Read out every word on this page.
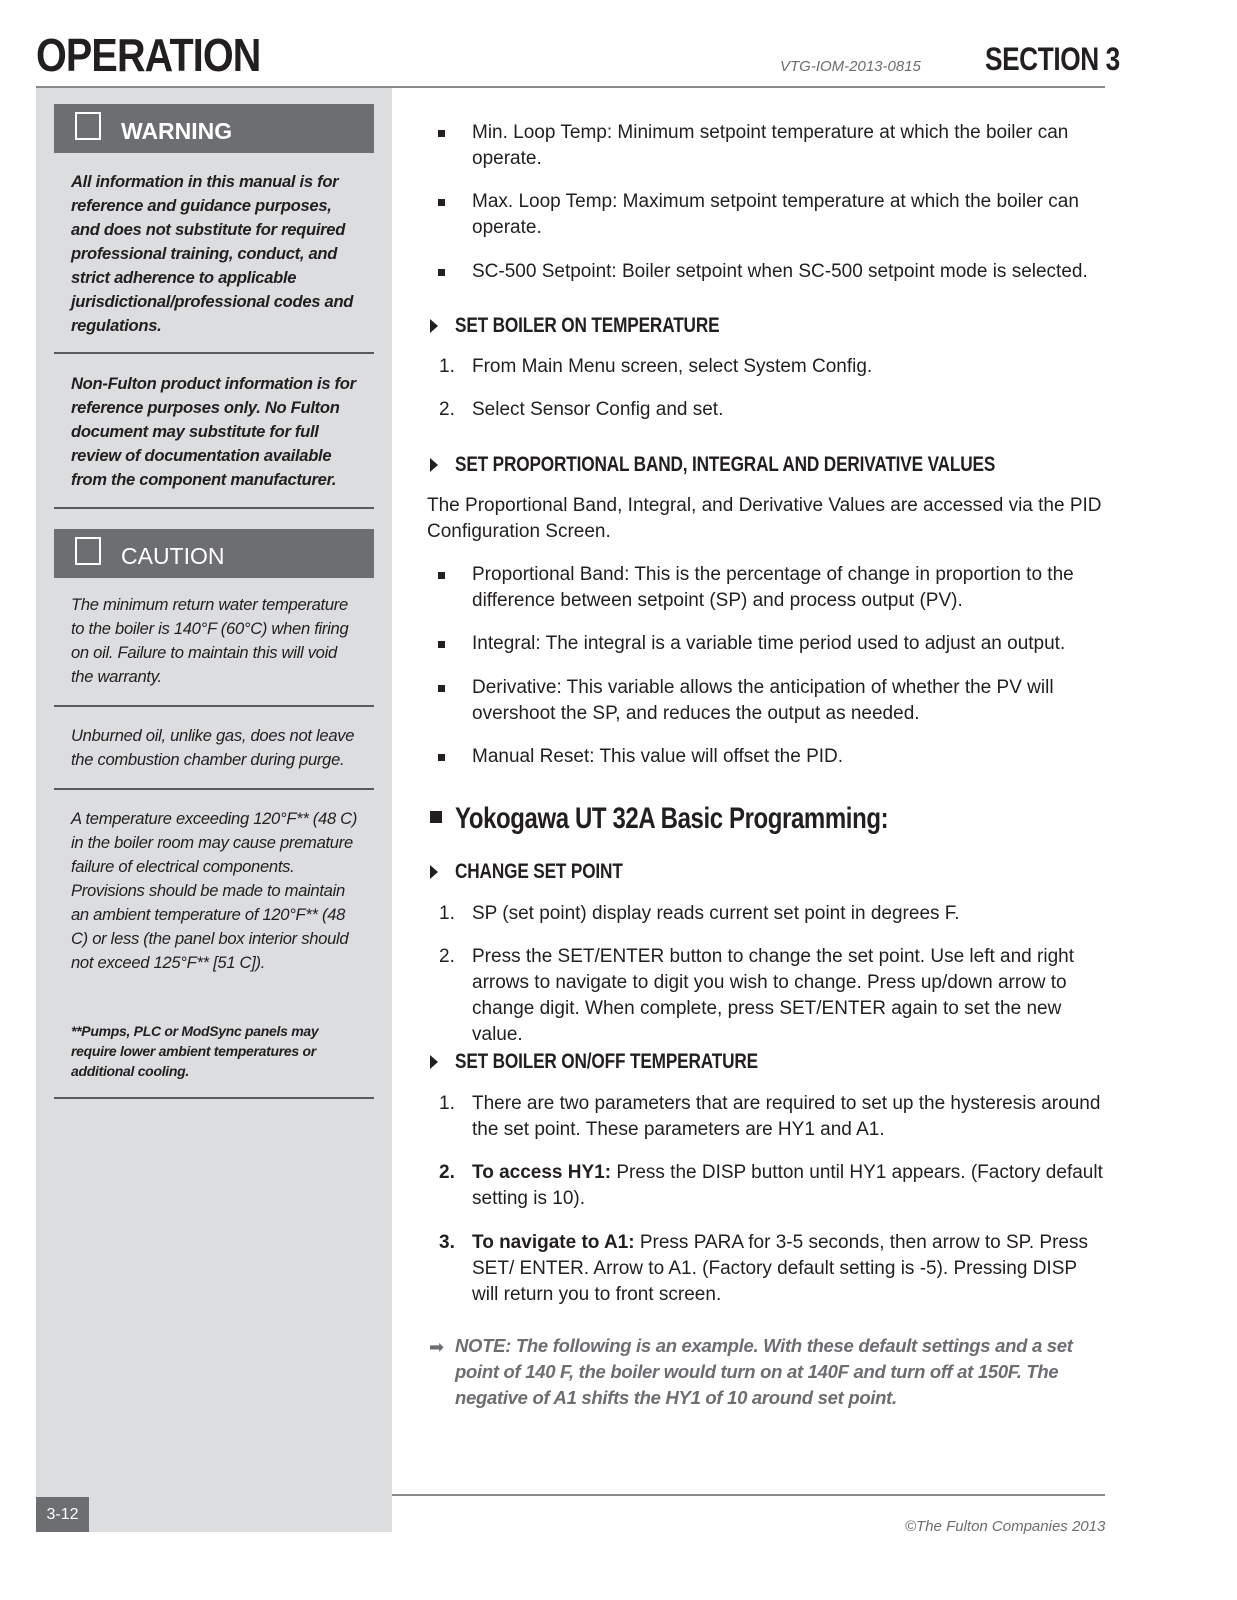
OPERATION	VTG-IOM-2013-0815 SECTION 3
WARNING
All information in this manual is for reference and guidance purposes, and does not substitute for required professional training, conduct, and strict adherence to applicable jurisdictional/professional codes and regulations.
Non-Fulton product information is for reference purposes only. No Fulton document may substitute for full review of documentation available from the component manufacturer.
CAUTION
The minimum return water temperature to the boiler is 140°F (60°C) when firing on oil. Failure to maintain this will void the warranty.
Unburned oil, unlike gas, does not leave the combustion chamber during purge.
A temperature exceeding 120°F** (48 C) in the boiler room may cause premature failure of electrical components. Provisions should be made to maintain an ambient temperature of 120°F** (48 C) or less (the panel box interior should not exceed 125°F** [51 C]).
**Pumps, PLC or ModSync panels may require lower ambient temperatures or additional cooling.
Min. Loop Temp: Minimum setpoint temperature at which the boiler can operate.
Max. Loop Temp: Maximum setpoint temperature at which the boiler can operate.
SC-500 Setpoint: Boiler setpoint when SC-500 setpoint mode is selected.
SET BOILER ON TEMPERATURE
1. From Main Menu screen, select System Config.
2. Select Sensor Config and set.
SET PROPORTIONAL BAND, INTEGRAL AND DERIVATIVE VALUES
The Proportional Band, Integral, and Derivative Values are accessed via the PID Configuration Screen.
Proportional Band: This is the percentage of change in proportion to the difference between setpoint (SP) and process output (PV).
Integral: The integral is a variable time period used to adjust an output.
Derivative: This variable allows the anticipation of whether the PV will overshoot the SP, and reduces the output as needed.
Manual Reset: This value will offset the PID.
Yokogawa UT 32A Basic Programming:
CHANGE SET POINT
1. SP (set point) display reads current set point in degrees F.
2. Press the SET/ENTER button to change the set point. Use left and right arrows to navigate to digit you wish to change. Press up/down arrow to change digit. When complete, press SET/ENTER again to set the new value.
SET BOILER ON/OFF TEMPERATURE
1. There are two parameters that are required to set up the hysteresis around the set point. These parameters are HY1 and A1.
2. To access HY1: Press the DISP button until HY1 appears. (Factory default setting is 10).
3. To navigate to A1: Press PARA for 3-5 seconds, then arrow to SP. Press SET/ ENTER. Arrow to A1. (Factory default setting is -5). Pressing DISP will return you to front screen.
➡ NOTE: The following is an example. With these default settings and a set point of 140 F, the boiler would turn on at 140F and turn off at 150F. The negative of A1 shifts the HY1 of 10 around set point.
3-12
©The Fulton Companies 2013
